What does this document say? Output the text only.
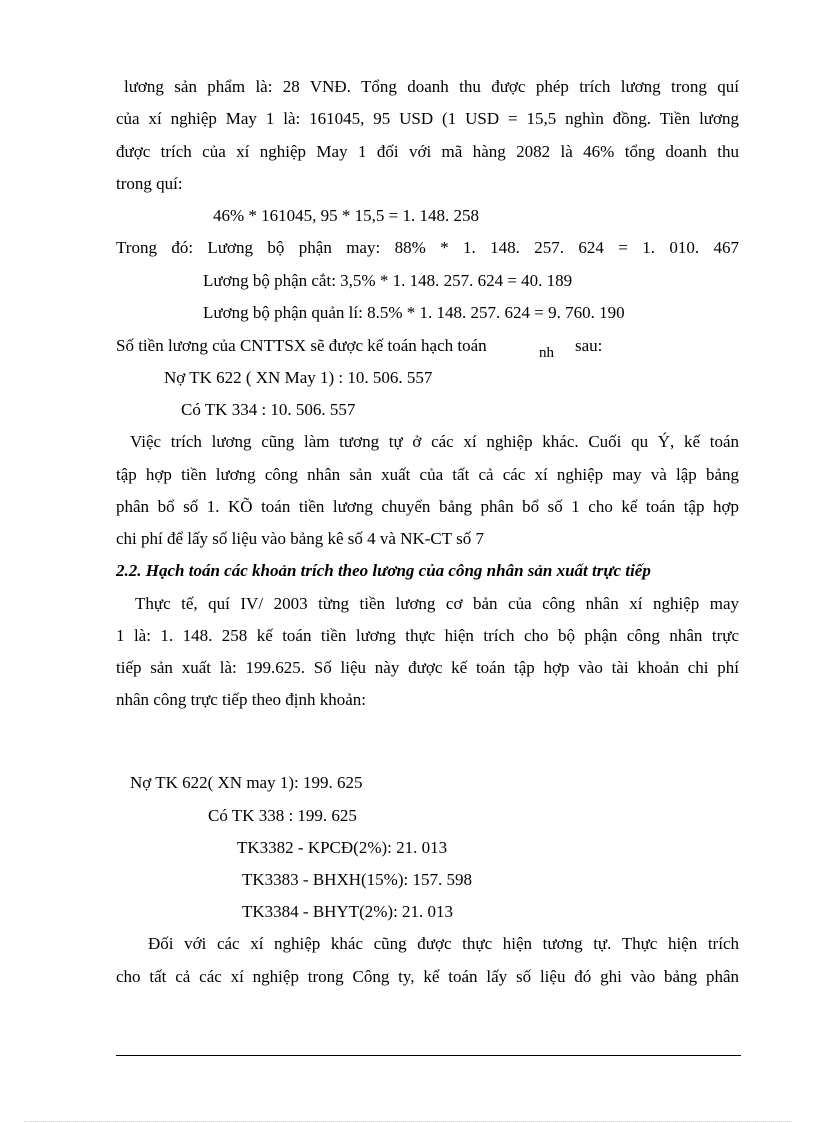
lương sản phẩm là: 28 VNĐ. Tổng doanh thu được phép trích lương trong quí
của xí nghiệp May 1 là: 161045, 95 USD (1 USD = 15,5 nghìn đồng. Tiền lương
được trích của xí nghiệp May 1 đối với mã hàng 2082 là 46% tổng doanh thu
trong quí:
46% * 161045, 95 * 15,5 = 1. 148. 258
Trong đó: Lương bộ phận may: 88% * 1. 148. 257. 624 = 1. 010. 467
Lương bộ phận cắt: 3,5% * 1. 148. 257. 624 = 40. 189
Lương bộ phận quản lí: 8.5% * 1. 148. 257. 624 = 9. 760. 190
Số tiền lương của CNTTSX sẽ được kế toán hạch toán	nh sau:
Nợ TK 622 ( XN May 1) : 10. 506. 557
Có TK 334 : 10. 506. 557
Việc trích lương cũng làm tương tự ở các xí nghiệp khác. Cuối qu Ý, kế toán
tập hợp tiền lương công nhân sản xuất của tất cả các xí nghiệp may và lập bảng
phân bổ số 1. KÕ toán tiền lương chuyển bảng phân bổ số 1 cho kế toán tập hợp
chi phí để lấy số liệu vào bảng kê số 4 và NK-CT số 7
2.2. Hạch toán các khoản trích theo lương của công nhân sản xuất trực tiếp
Thực tế, quí IV/ 2003 từng tiền lương cơ bản của công nhân xí nghiệp may
1 là: 1. 148. 258 kế toán tiền lương thực hiện trích cho bộ phận công nhân trực
tiếp sản xuất là: 199.625. Số liệu này được kế toán tập hợp vào tài khoản chi phí
nhân công trực tiếp theo định khoản:
Nợ TK 622( XN may 1): 199. 625
Có TK 338 : 199. 625
TK3382 - KPCĐ(2%): 21. 013
TK3383 - BHXH(15%): 157. 598
TK3384 - BHYT(2%): 21. 013
Đối với các xí nghiệp khác cũng được thực hiện tương tự. Thực hiện trích
cho tất cả các xí nghiệp trong Công ty, kế toán lấy số liệu đó ghi vào bảng phân
